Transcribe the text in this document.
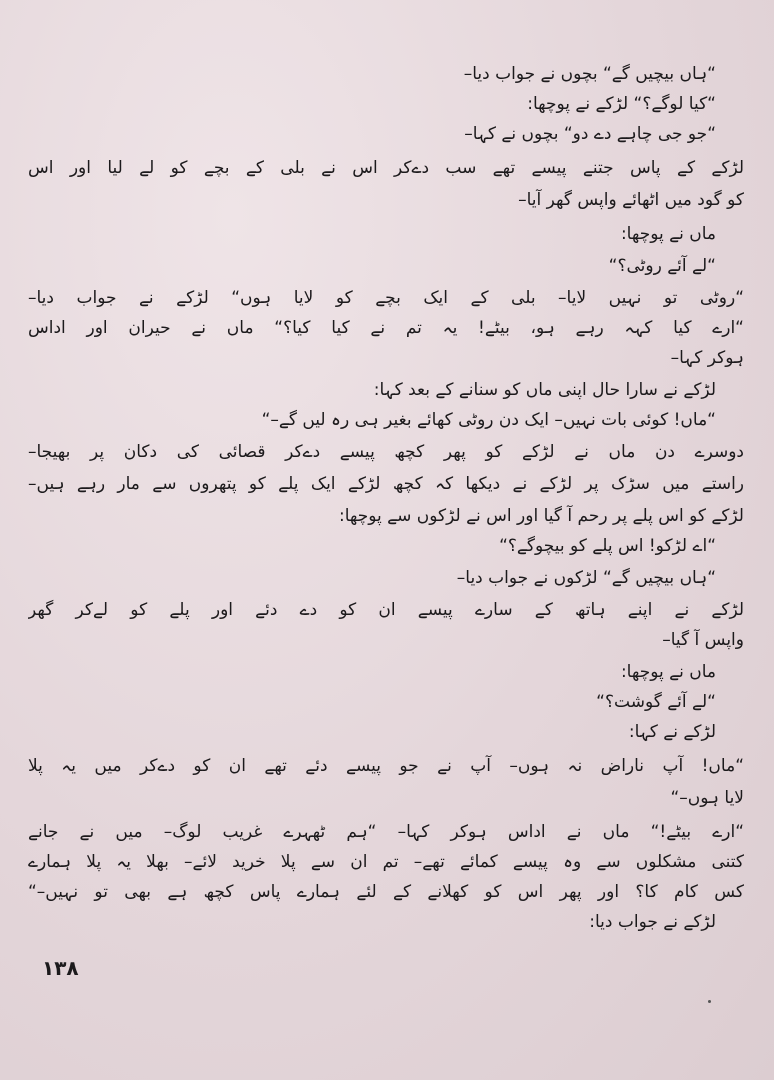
“ہاں بیچیں گے“ بچوں نے جواب دیا–
“کیا لوگے؟“ لڑکے نے پوچھا:
“جو جی چاہے دے دو“ بچوں نے کہا–
لڑکے کے پاس جتنے پیسے تھے سب دےکر اس نے بلی کے بچے کو لے لیا اور اس
کو گود میں اٹھائے واپس گھر آیا–
ماں نے پوچھا:
“لے آئے روٹی؟“
“روٹی تو نہیں لایا– بلی کے ایک بچے کو لایا ہوں“ لڑکے نے جواب دیا–
“ارے کیا کہہ رہے ہو، بیٹے! یہ تم نے کیا کیا؟“ ماں نے حیران اور اداس
ہوکر کہا–
لڑکے نے سارا حال اپنی ماں کو سنانے کے بعد کہا:
“ماں! کوئی بات نہیں– ایک دن روٹی کھائے بغیر ہی رہ لیں گے–“
دوسرے دن ماں نے لڑکے کو پھر کچھ پیسے دےکر قصائی کی دکان پر بھیجا–
راستے میں سڑک پر لڑکے نے دیکھا کہ کچھ لڑکے ایک پلے کو پتھروں سے مار رہے ہیں–
لڑکے کو اس پلے پر رحم آ گیا اور اس نے لڑکوں سے پوچھا:
“اے لڑکو! اس پلے کو بیچوگے؟“
“ہاں بیچیں گے“ لڑکوں نے جواب دیا–
لڑکے نے اپنے ہاتھ کے سارے پیسے ان کو دے دئے اور پلے کو لےکر گھر
واپس آ گیا–
ماں نے پوچھا:
“لے آئے گوشت؟“
لڑکے نے کہا:
“ماں! آپ ناراض نہ ہوں– آپ نے جو پیسے دئے تھے ان کو دےکر میں یہ پلا
لایا ہوں–“
“ارے بیٹے!“ ماں نے اداس ہوکر کہا– “ہم ٹھہرے غریب لوگ– میں نے جانے
کتنی مشکلوں سے وہ پیسے کمائے تھے– تم ان سے پلا خرید لائے– بھلا یہ پلا ہمارے
کس کام کا؟ اور پھر اس کو کھلانے کے لئے ہمارے پاس کچھ ہے بھی تو نہیں–“
لڑکے نے جواب دیا:
۱۳۸
